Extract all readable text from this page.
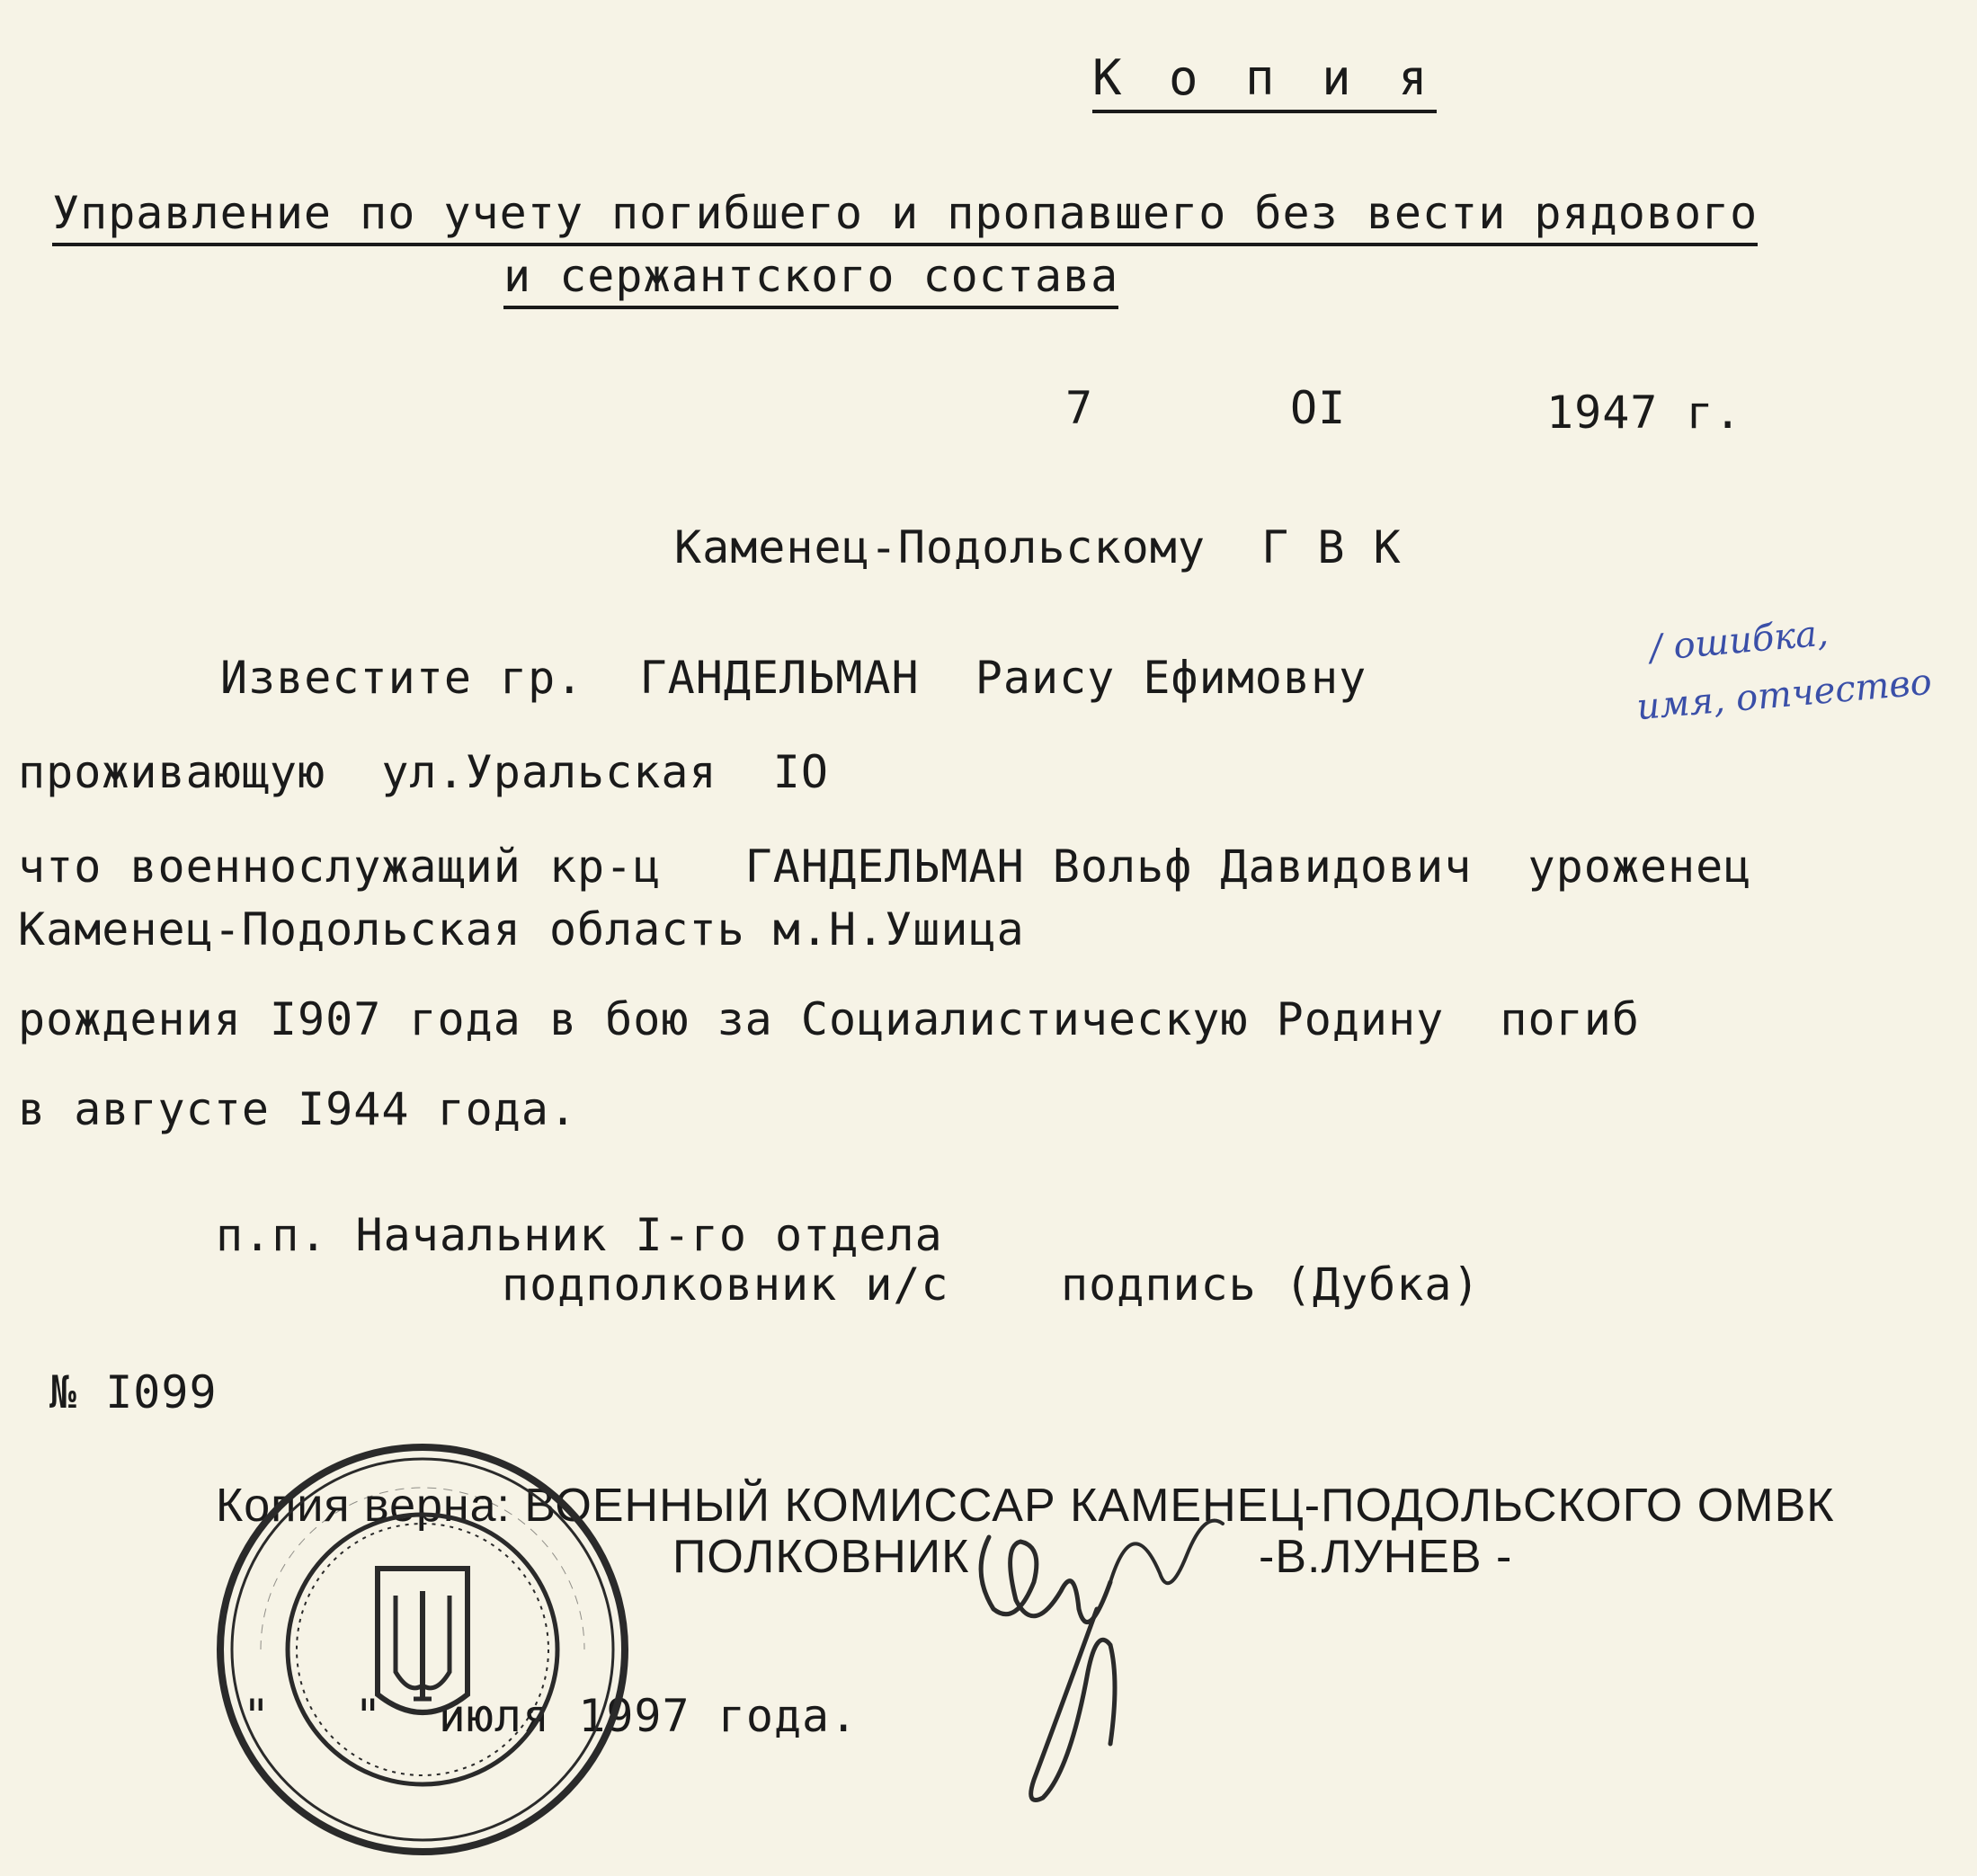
К о п и я
Управление по учету погибшего и пропавшего без вести рядового
и сержантского состава
7	OI	1947 г.
Каменец-Подольскому  Г В К
Известите гр.  ГАНДЕЛЬМАН  Раису Ефимовну
/ ошибка,
имя, отчество
проживающую  ул.Уральская  IO
что военнослужащий кр-ц   ГАНДЕЛЬМАН Вольф Давидович  уроженец
Каменец-Подольская область м.Н.Ушица
рождения I907 года в бою за Социалистическую Родину  погиб
в августе I944 года.
п.п. Начальник I-го отдела
подполковник и/с    подпись (Дубка)
№ I099
Копия верна: ВОЕННЫЙ КОМИССАР КАМЕНЕЦ-ПОДОЛЬСКОГО ОМВК
ПОЛКОВНИК	-В.ЛУНЕВ -
"   "  июля 1997 года.
